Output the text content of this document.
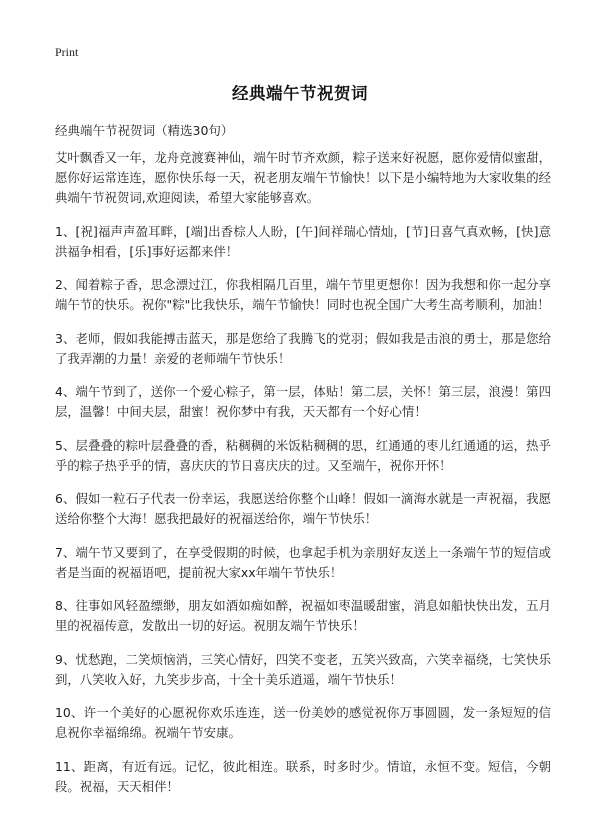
Print
经典端午节祝贺词
经典端午节祝贺词（精选30句）

艾叶飘香又一年，龙舟竞渡赛神仙，端午时节齐欢颜，粽子送来好祝愿，愿你爱情似蜜甜，愿你好运常连连，愿你快乐每一天，祝老朋友端午节愉快！以下是小编特地为大家收集的经典端午节祝贺词,欢迎阅读，希望大家能够喜欢。

1、[祝]福声声盈耳畔，[端]出香棕人人盼，[午]间祥瑞心情灿，[节]日喜气真欢畅，[快]意洪福争相看，[乐]事好运都来伴！

2、闻着粽子香，思念漂过江，你我相隔几百里，端午节里更想你！因为我想和你一起分享端午节的快乐。祝你"粽"比我快乐，端午节愉快！同时也祝全国广大考生高考顺利，加油！

3、老师，假如我能搏击蓝天，那是您给了我腾飞的党羽；假如我是击浪的勇士，那是您给了我弄潮的力量！亲爱的老师端午节快乐！

4、端午节到了，送你一个爱心粽子，第一层，体贴！第二层，关怀！第三层，浪漫！第四层，温馨！中间夫层，甜蜜！祝你梦中有我，天天都有一个好心情！

5、层叠叠的粽叶层叠叠的香，粘稠稠的米饭粘稠稠的思，红通通的枣儿红通通的运，热乎乎的粽子热乎乎的情，喜庆庆的节日喜庆庆的过。又至端午，祝你开怀！

6、假如一粒石子代表一份幸运，我愿送给你整个山峰！假如一滴海水就是一声祝福，我愿送给你整个大海！愿我把最好的祝福送给你，端午节快乐！

7、端午节又要到了，在享受假期的时候，也拿起手机为亲朋好友送上一条端午节的短信或者是当面的祝福语吧，提前祝大家xx年端午节快乐！

8、往事如风轻盈缥缈，朋友如酒如痴如醉，祝福如枣温暖甜蜜，消息如船快快出发，五月里的祝福传意，发散出一切的好运。祝朋友端午节快乐！

9、忧愁跑，二笑烦恼消，三笑心情好，四笑不变老，五笑兴致高，六笑幸福绕，七笑快乐到，八笑收入好，九笑步步高，十全十美乐逍遥，端午节快乐！

10、许一个美好的心愿祝你欢乐连连，送一份美妙的感觉祝你万事圆圆，发一条短短的信息祝你幸福绵绵。祝端午节安康。

11、距离，有近有远。记忆，彼此相连。联系，时多时少。情谊，永恒不变。短信，今朝段。祝福，天天相伴！
